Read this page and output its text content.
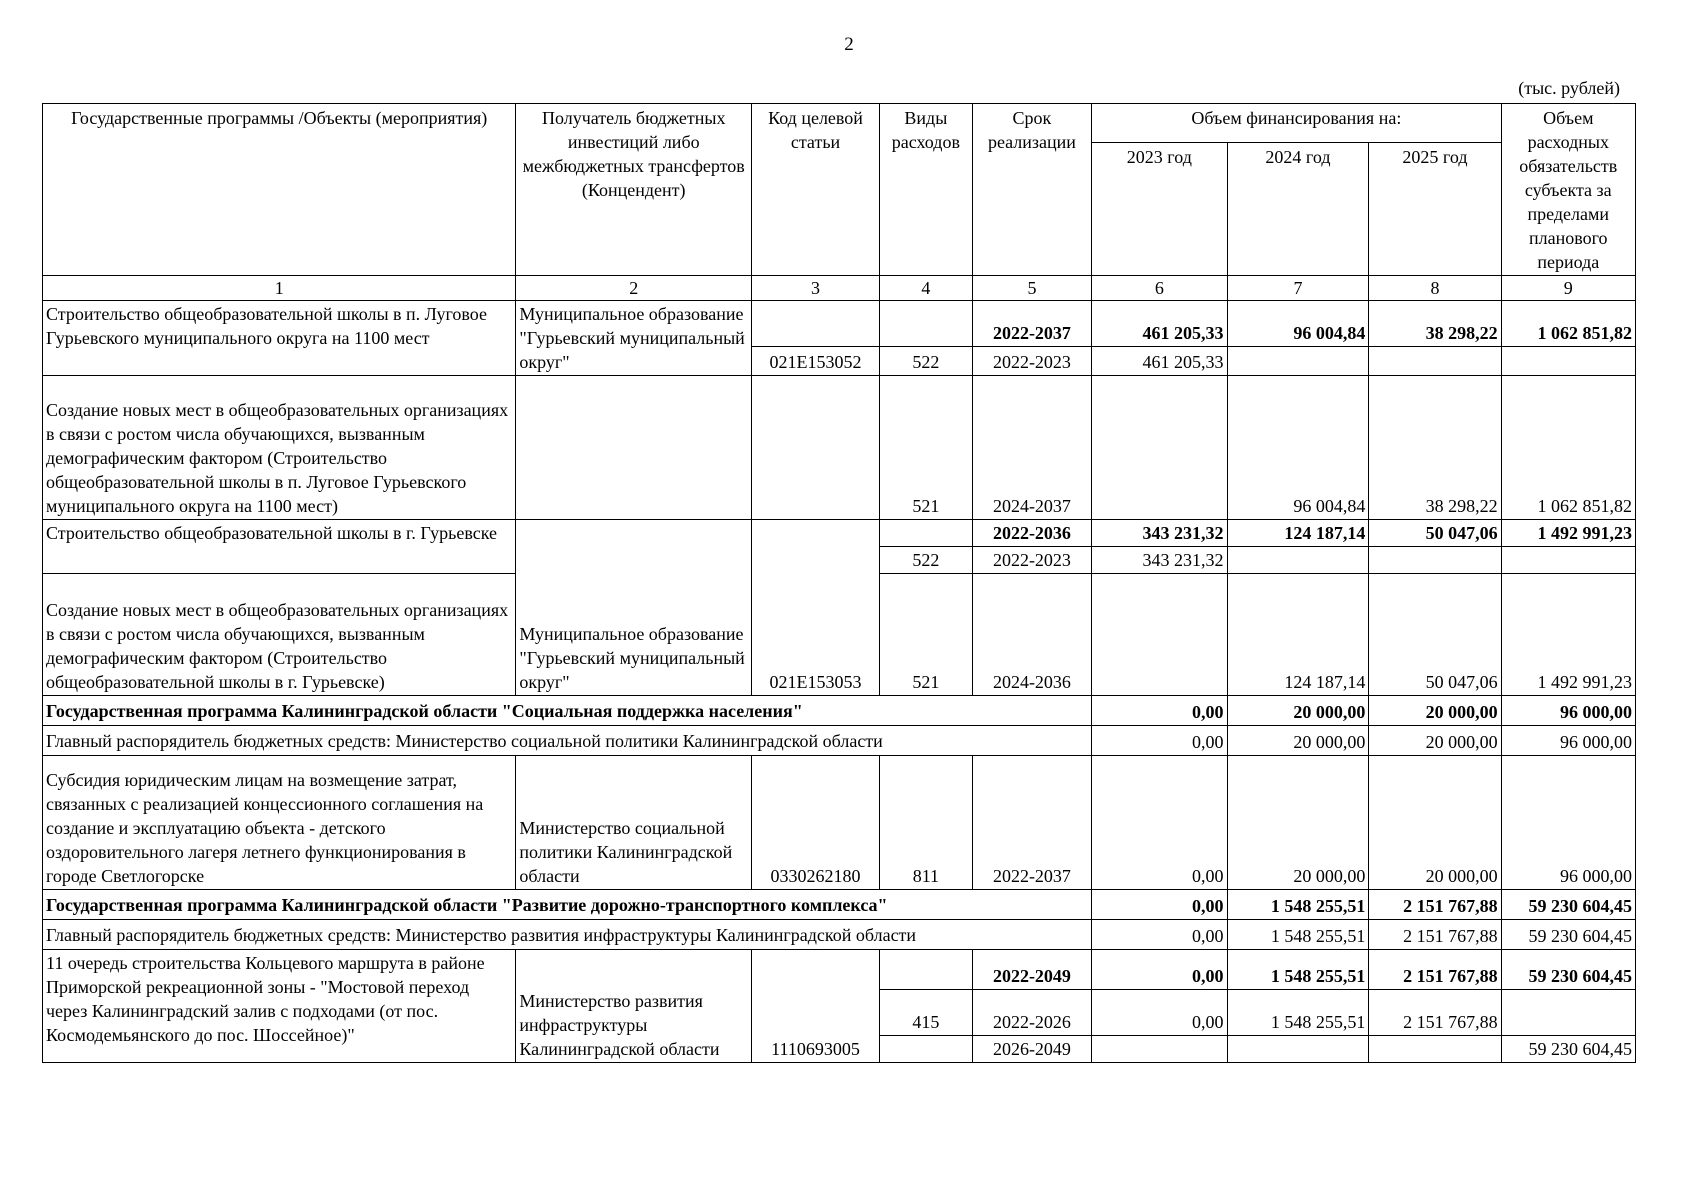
2
(тыс. рублей)
Государственные программы /Объекты (мероприятия)	Получатель бюджетных инвестиций либо межбюджетных трансфертов (Концендент)	Код целевой статьи	Виды расходов	Срок реализации	Объем финансирования на:			Объем расходных обязательств субъекта за пределами планового периода
					2023 год	2024 год	2025 год	
1	2	3	4	5	6	7	8	9
Строительство общеобразовательной школы в п. Луговое Гурьевского муниципального округа на 1100 мест	Муниципальное образование "Гурьевский муниципальный округ"			2022-2037	461 205,33	96 004,84	38 298,22	1 062 851,82
		021E153052	522	2022-2023	461 205,33			
Создание новых мест в общеобразовательных организациях в связи с ростом числа обучающихся, вызванным демографическим фактором (Строительство общеобразовательной школы в п. Луговое Гурьевского муниципального округа на 1100 мест)			521	2024-2037		96 004,84	38 298,22	1 062 851,82
Строительство общеобразовательной школы в г. Гурьевске	Муниципальное образование "Гурьевский муниципальный округ"	021E153053		2022-2036	343 231,32	124 187,14	50 047,06	1 492 991,23
			522	2022-2023	343 231,32			
Создание новых мест в общеобразовательных организациях в связи с ростом числа обучающихся, вызванным демографическим фактором (Строительство общеобразовательной школы в г. Гурьевске)			521	2024-2036		124 187,14	50 047,06	1 492 991,23
Государственная программа Калининградской области "Социальная поддержка населения"					0,00	20 000,00	20 000,00	96 000,00
Главный распорядитель бюджетных средств: Министерство социальной политики Калининградской области					0,00	20 000,00	20 000,00	96 000,00
Субсидия юридическим лицам на возмещение затрат, связанных с реализацией концессионного соглашения на создание и эксплуатацию объекта - детского оздоровительного лагеря летнего функционирования в городе Светлогорске	Министерство социальной политики Калининградской области	0330262180	811	2022-2037	0,00	20 000,00	20 000,00	96 000,00
Государственная программа Калининградской области "Развитие дорожно-транспортного комплекса"					0,00	1 548 255,51	2 151 767,88	59 230 604,45
Главный распорядитель бюджетных средств: Министерство развития инфраструктуры Калининградской области					0,00	1 548 255,51	2 151 767,88	59 230 604,45
11 очередь строительства Кольцевого маршрута в районе Приморской рекреационной зоны - "Мостовой переход через Калининградский залив с подходами (от пос. Космодемьянского до пос. Шоссейное)"	Министерство развития инфраструктуры Калининградской области	1110693005		2022-2049	0,00	1 548 255,51	2 151 767,88	59 230 604,45
			415	2022-2026	0,00	1 548 255,51	2 151 767,88	
				2026-2049				59 230 604,45
